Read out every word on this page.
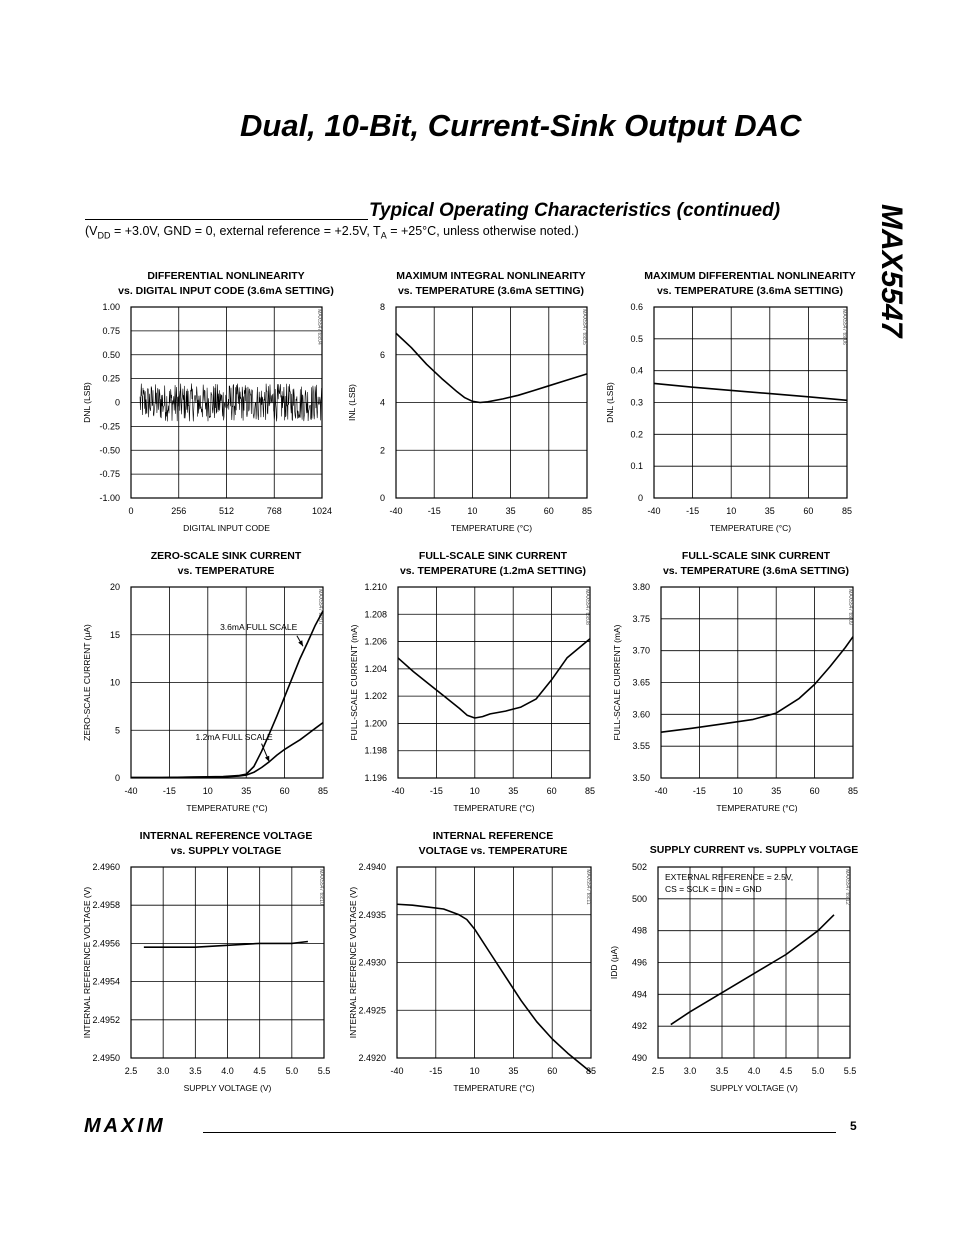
Dual, 10-Bit, Current-Sink Output DAC
MAX5547
Typical Operating Characteristics (continued)
($V_{DD} = +3.0V$, GND = 0, external reference = +2.5V, $T_A = +25^\circ C$, unless otherwise noted.)
DIFFERENTIAL NONLINEARITY
vs. DIGITAL INPUT CODE (3.6mA SETTING)
0	256	512	768	1024
-1.00
-0.75
-0.50
-0.25
0
0.25
0.50
0.75
1.00
DIGITAL INPUT CODE
DNL (LSB)
MAX5547 toc04
MAXIMUM INTEGRAL NONLINEARITY
vs. TEMPERATURE (3.6mA SETTING)
-40	-15	10	35	60	85
0
2
4
6
8
TEMPERATURE (°C)
INL (LSB)
MAX5547 toc05
MAXIMUM DIFFERENTIAL NONLINEARITY
vs. TEMPERATURE (3.6mA SETTING)
-40	-15	10	35	60	85
0
0.1
0.2
0.3
0.4
0.5
0.6
TEMPERATURE (°C)
DNL (LSB)
MAX5547 toc06
ZERO-SCALE SINK CURRENT
vs. TEMPERATURE
-40	-15	10	35	60	85
0
5
10
15
20
TEMPERATURE (°C)
ZERO-SCALE CURRENT (μA)
MAX5547 toc07
3.6mA FULL SCALE
1.2mA FULL SCALE
FULL-SCALE SINK CURRENT
vs. TEMPERATURE (1.2mA SETTING)
-40	-15	10	35	60	85
1.196
1.198
1.200
1.202
1.204
1.206
1.208
1.210
TEMPERATURE (°C)
FULL-SCALE CURRENT (mA)
MAX5547 toc08
FULL-SCALE SINK CURRENT
vs. TEMPERATURE (3.6mA SETTING)
-40	-15	10	35	60	85
3.50
3.55
3.60
3.65
3.70
3.75
3.80
TEMPERATURE (°C)
FULL-SCALE CURRENT (mA)
MAX5547 toc09
INTERNAL REFERENCE VOLTAGE
vs. SUPPLY VOLTAGE
2.5 3.0 3.5 4.0 4.5 5.0 5.5
2.4950
2.4952
2.4954
2.4956
2.4958
2.4960
SUPPLY VOLTAGE (V)
INTERNAL REFERENCE VOLTAGE (V)	MAX5547 toc10
INTERNAL REFERENCE
VOLTAGE vs. TEMPERATURE
-40	-15	10	35	60	85
2.4920
2.4925
2.4930
2.4935
2.4940
TEMPERATURE (°C)
INTERNAL REFERENCE VOLTAGE (V)	MAX5547 toc11
SUPPLY CURRENT vs. SUPPLY VOLTAGE
2.5 3.0 3.5 4.0 4.5 5.0 5.5
490
492
494
496
498
500
502
SUPPLY VOLTAGE (V)
IDD (μA)
MAX5547 toc12
EXTERNAL REFERENCE = 2.5V,
CS = SCLK = DIN = GND
MAXIM	5
